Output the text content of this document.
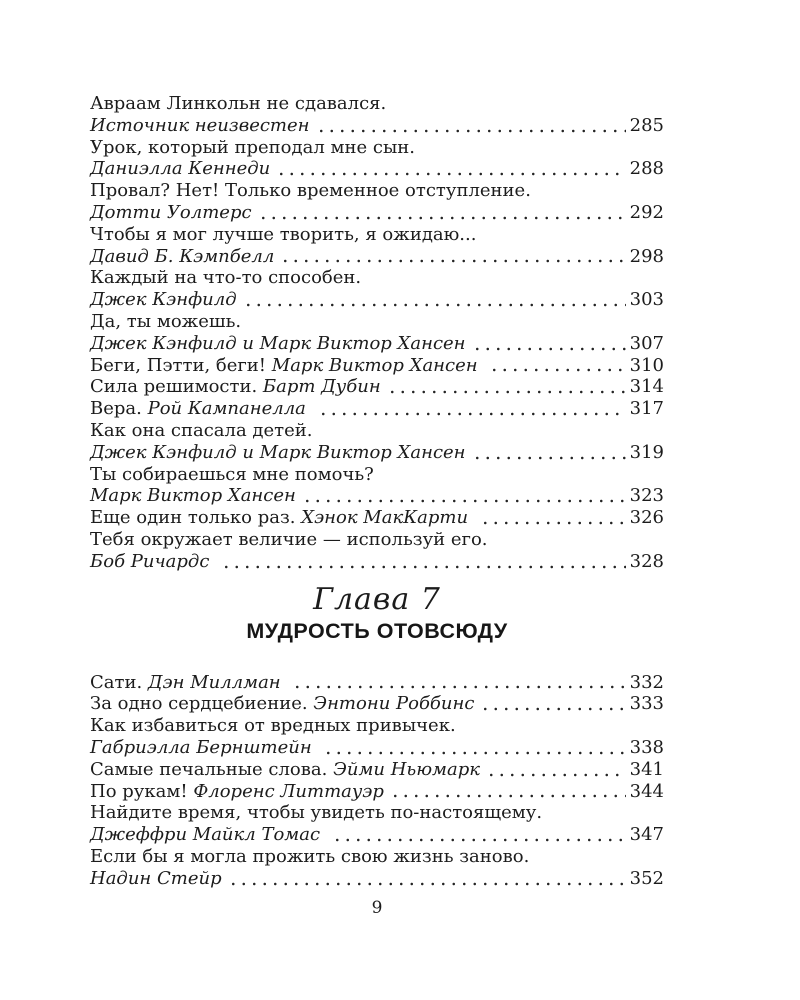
Авраам Линкольн не сдавался.
Источник неизвестен	285
Урок, который преподал мне сын.
Даниэлла Кеннеди	288
Провал? Нет! Только временное отступление.
Дотти Уолтерс	292
Чтобы я мог лучше творить, я ожидаю...
Давид Б. Кэмпбелл	298
Каждый на что-то способен.
Джек Кэнфилд	303
Да, ты можешь.
Джек Кэнфилд и Марк Виктор Хансен	307
Беги, Пэтти, беги! Марк Виктор Хансен	310
Сила решимости. Барт Дубин	314
Вера. Рой Кампанелла	317
Как она спасала детей.
Джек Кэнфилд и Марк Виктор Хансен	319
Ты собираешься мне помочь?
Марк Виктор Хансен	323
Еще один только раз. Хэнок МакКарти	326
Тебя окружает величие — используй его.
Боб Ричардс	328
Глава 7
МУДРОСТЬ ОТОВСЮДУ
Сати. Дэн Миллман	332
За одно сердцебиение. Энтони Роббинс	333
Как избавиться от вредных привычек.
Габриэлла Бернштейн	338
Самые печальные слова. Эйми Ньюмарк	341
По рукам! Флоренс Литтауэр	344
Найдите время, чтобы увидеть по-настоящему.
Джеффри Майкл Томас	347
Если бы я могла прожить свою жизнь заново.
Надин Стейр	352
9
